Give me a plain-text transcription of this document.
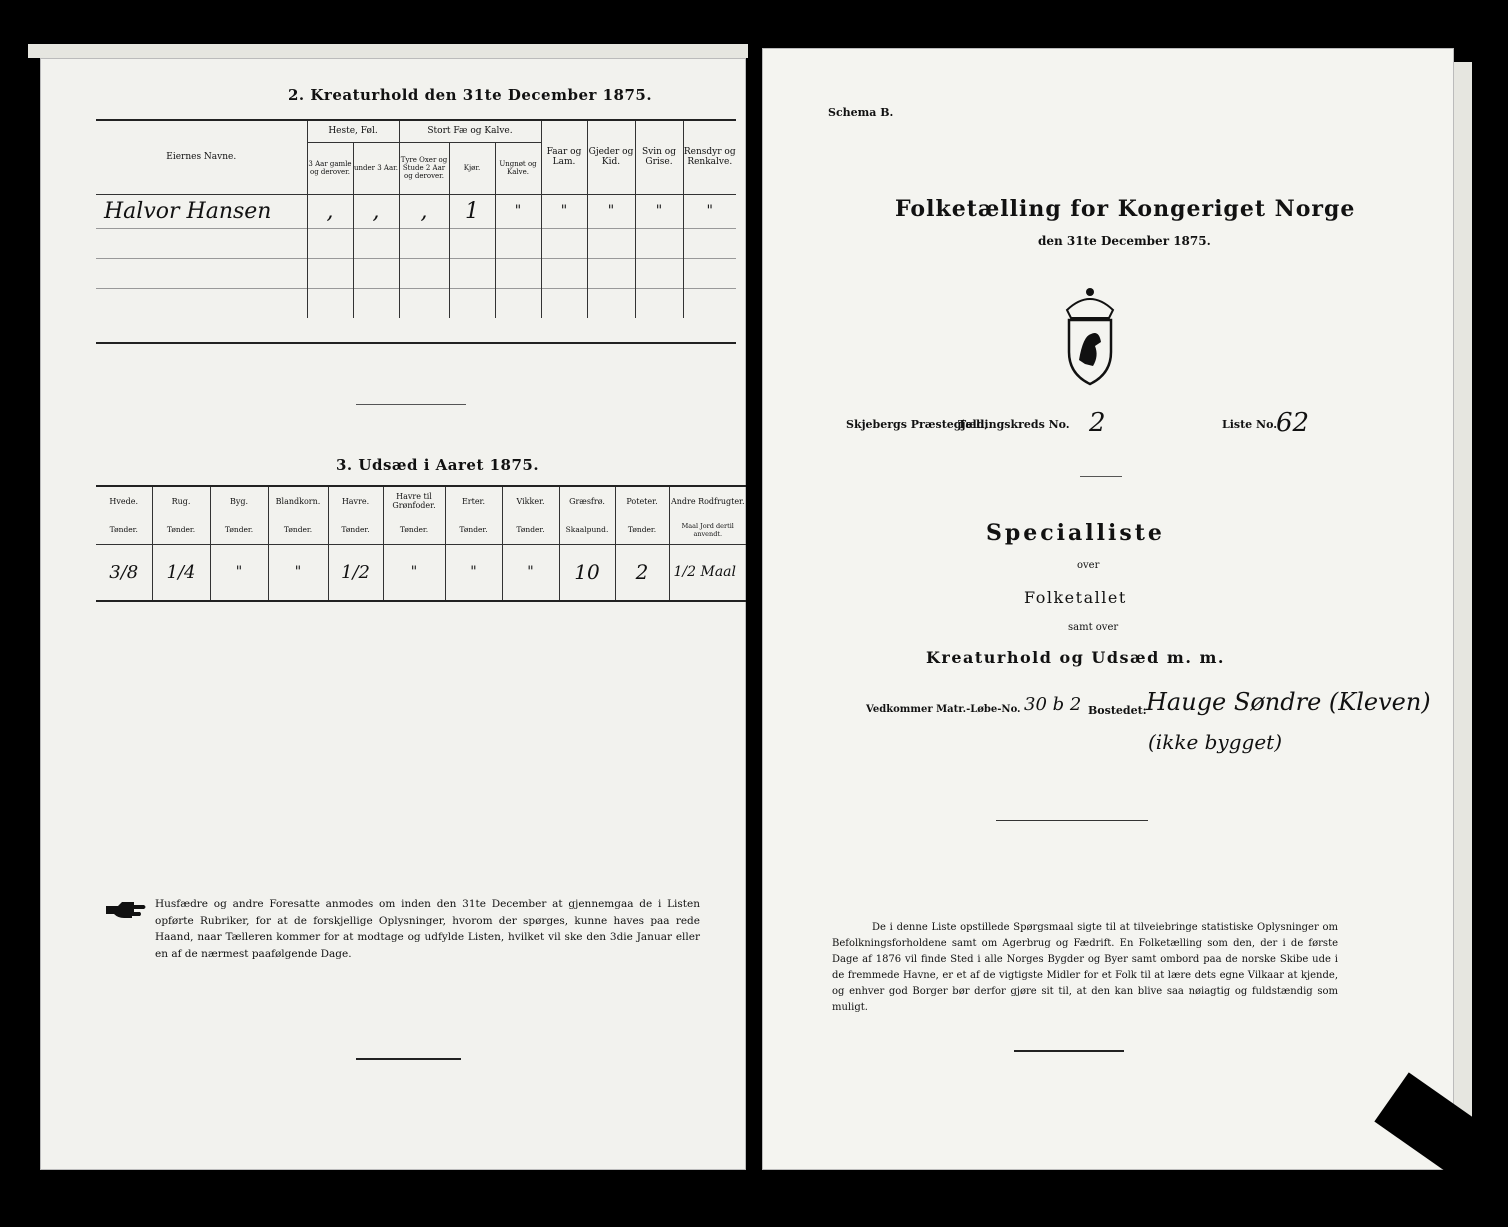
2. Kreaturhold den 31te December 1875.
Eiernes Navne.	Heste, Føl.		Stort Fæ og Kalve.			Faar og Lam.	Gjeder og Kid.	Svin og Grise.	Rensdyr og Renkalve.
	3 Aar gamle og derover.	under 3 Aar.	Tyre Oxer og Stude 2 Aar og derover.	Kjør.	Ungnøt og Kalve.				
Halvor Hansen	,	,	,	1	"	"	"	"	"

3. Udsæd i Aaret 1875.
Hvede.	Rug.	Byg.	Blandkorn.	Havre.	Havre til Grønfoder.	Erter.	Vikker.	Græsfrø.	Poteter.	Andre Rodfrugter.
Tønder.	Tønder.	Tønder.	Tønder.	Tønder.	Tønder.	Tønder.	Tønder.	Skaalpund.	Tønder.	Maal Jord dertil anvendt.
3/8	1/4	"	"	1/2	"	"	"	10	2	1/2 Maal
Husfædre og andre Foresatte anmodes om inden den 31te December at gjennemgaa de i Listen opførte Rubriker, for at de forskjellige Oplysninger, hvorom der spørges, kunne haves paa rede Haand, naar Tælleren kommer for at modtage og udfylde Listen, hvilket vil ske den 3die Januar eller en af de nærmest paafølgende Dage.
Schema B.
Folketælling for Kongeriget Norge
den 31te December 1875.
Skjebergs Præstegjeld,
Tællingskreds No. 2	Liste No.
62
Specialliste
over
Folketallet
samt over
Kreaturhold og Udsæd m. m.
Vedkommer Matr.-Løbe-No. 30 b 2 Bostedet: Hauge Søndre (Kleven)
(ikke bygget)
De i denne Liste opstillede Spørgsmaal sigte til at tilveiebringe statistiske Oplysninger om Befolkningsforholdene samt om Agerbrug og Fædrift. En Folketælling som den, der i de første Dage af 1876 vil finde Sted i alle Norges Bygder og Byer samt ombord paa de norske Skibe ude i de fremmede Havne, er et af de vigtigste Midler for et Folk til at lære dets egne Vilkaar at kjende, og enhver god Borger bør derfor gjøre sit til, at den kan blive saa nøiagtig og fuldstændig som muligt.
